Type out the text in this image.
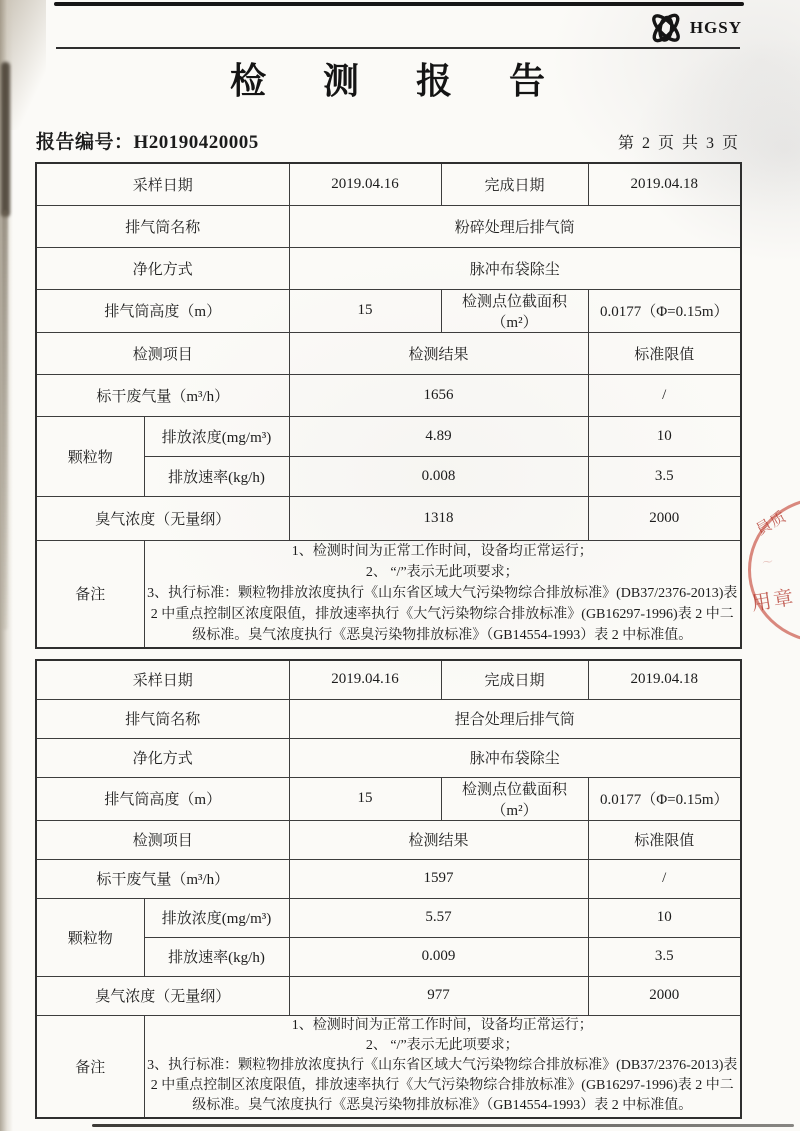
HGSY
检 测 报 告
报告编号：H20190420005	第 2 页 共 3 页
采样日期		2019.04.16	完成日期	2019.04.18
排气筒名称		粉碎处理后排气筒		
净化方式		脉冲布袋除尘		
排气筒高度（m）		15	检测点位截面积（m²）	0.0177（Φ=0.15m）
检测项目		检测结果		标准限值
标干废气量（m³/h）		1656		/
颗粒物	排放浓度(mg/m³)	4.89		10
	排放速率(kg/h)	0.008		3.5
臭气浓度（无量纲）		1318		2000
备注	1、检测时间为正常工作时间，设备均正常运行；
2、 “/”表示无此项要求；
3、执行标准：颗粒物排放浓度执行《山东省区域大气污染物综合排放标准》(DB37/2376-2013)表 2 中重点控制区浓度限值，排放速率执行《大气污染物综合排放标准》(GB16297-1996)表 2 中二级标准。臭气浓度执行《恶臭污染物排放标准》（GB14554-1993）表 2 中标准值。			
采样日期		2019.04.16	完成日期	2019.04.18
排气筒名称		捏合处理后排气筒		
净化方式		脉冲布袋除尘		
排气筒高度（m）		15	检测点位截面积（m²）	0.0177（Φ=0.15m）
检测项目		检测结果		标准限值
标干废气量（m³/h）		1597		/
颗粒物	排放浓度(mg/m³)	5.57		10
	排放速率(kg/h)	0.009		3.5
臭气浓度（无量纲）		977		2000
备注	1、检测时间为正常工作时间，设备均正常运行；
2、 “/”表示无此项要求；
3、执行标准：颗粒物排放浓度执行《山东省区域大气污染物综合排放标准》(DB37/2376-2013)表 2 中重点控制区浓度限值，排放速率执行《大气污染物综合排放标准》(GB16297-1996)表 2 中二级标准。臭气浓度执行《恶臭污染物排放标准》（GB14554-1993）表 2 中标准值。			
員质
〜
用章
